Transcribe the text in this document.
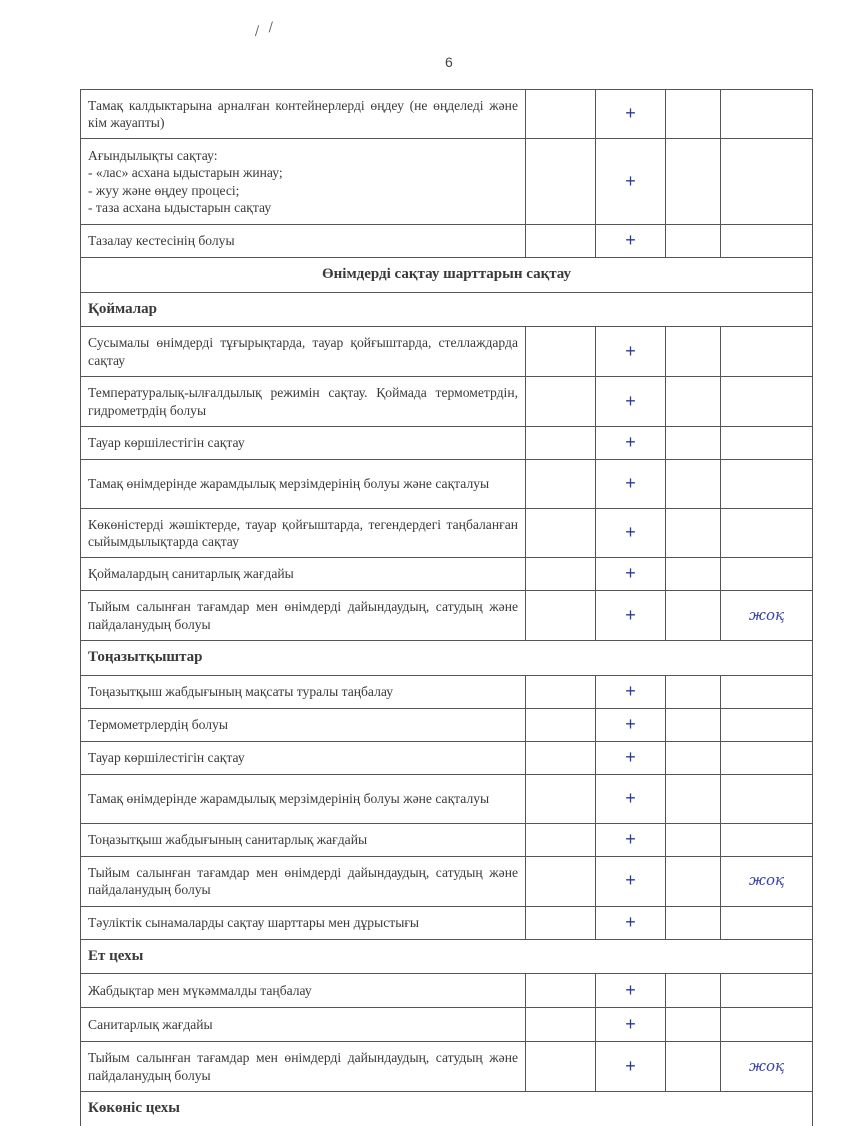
⁄ ⁄
6
Тамақ калдыктарына арналған контейнерлерді өңдеу (не өңделеді және кім жауапты)		+		

Ағындылықты сақтау:
- «лас» асхана ыдыстарын жинау;
- жуу және өңдеу процесі;
- таза асхана ыдыстарын сақтау		+		

Тазалау кестесінің болуы		+		
Өнімдерді сақтау шарттарын сақтау				
Қоймалар				

Сусымалы өнімдерді тұғырықтарда, тауар қойғыштарда, стеллаждарда сақтау		+		

Температуралық-ылғалдылық режимін сақтау. Қоймада термометрдін, гидрометрдің болуы		+		

Тауар көршілестігін сақтау		+		

Тамақ өнімдерінде жарамдылық мерзімдерінің болуы және сақталуы		+		

Көкөністерді жәшіктерде, тауар қойғыштарда, тегендердегі таңбаланған сыйымдылықтарда сақтау		+		

Қоймалардың санитарлық жағдайы		+		

Тыйым салынған тағамдар мен өнімдерді дайындаудың, сатудың және пайдаланудың болуы		+		жоқ
Тоңазытқыштар				

Тоңазытқыш жабдығының мақсаты туралы таңбалау		+		

Термометрлердің болуы		+		

Тауар көршілестігін сақтау		+		

Тамақ өнімдерінде жарамдылық мерзімдерінің болуы және сақталуы		+		

Тоңазытқыш жабдығының санитарлық жағдайы		+		

Тыйым салынған тағамдар мен өнімдерді дайындаудың, сатудың және пайдаланудың болуы		+		жоқ

Тәуліктік сынамаларды сақтау шарттары мен дұрыстығы		+		
Ет цехы				

Жабдықтар мен мүкәммалды таңбалау		+		

Санитарлық жағдайы		+		

Тыйым салынған тағамдар мен өнімдерді дайындаудың, сатудың және пайдаланудың болуы		+		жоқ
Көкөніс цехы				
